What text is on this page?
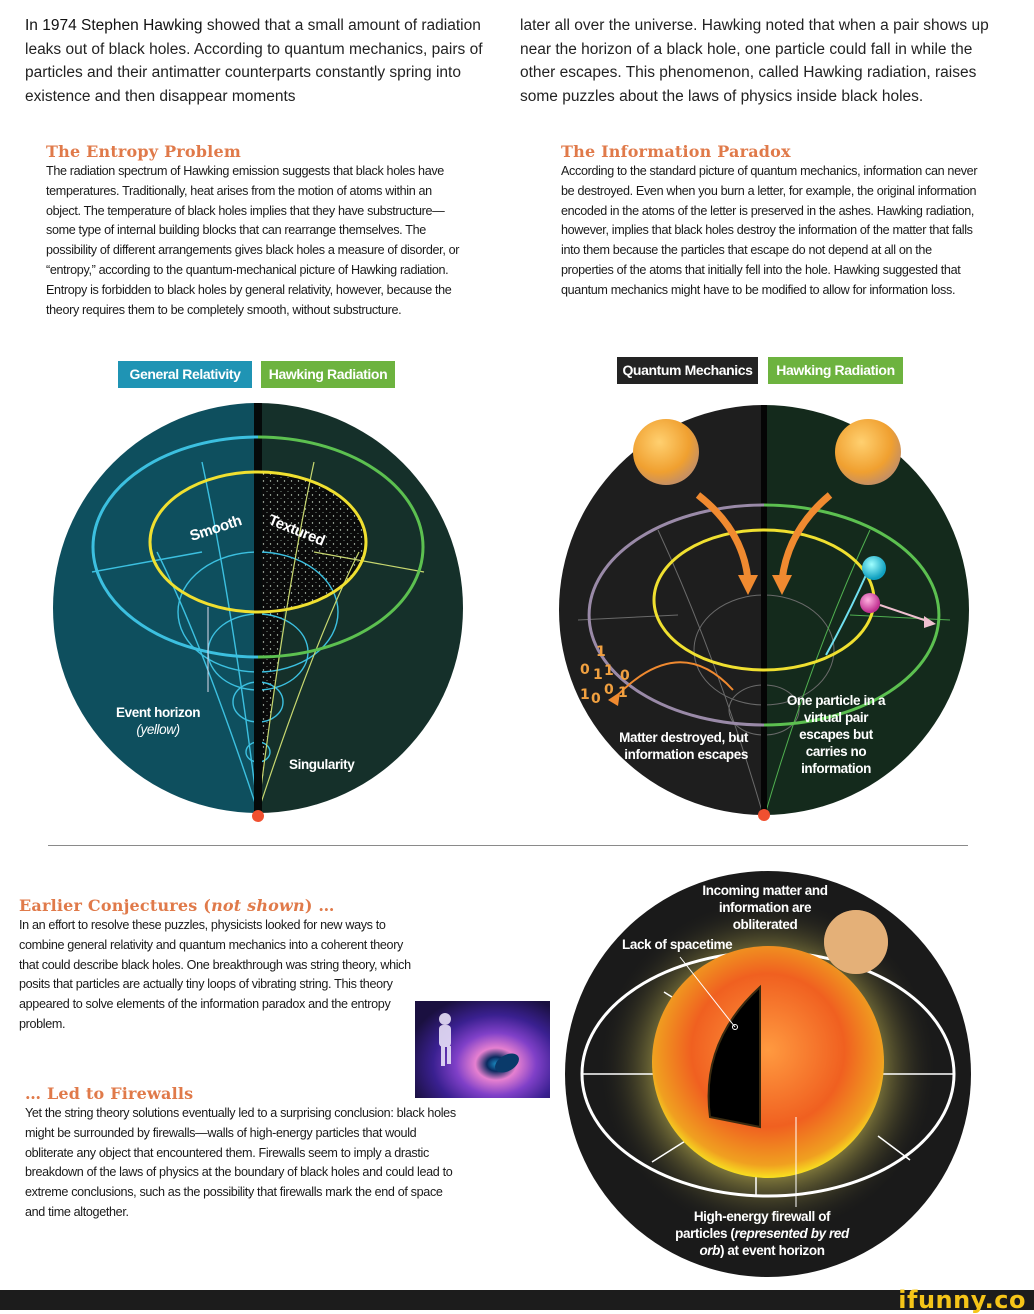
In 1974 Stephen Hawking showed that a small amount of radiation leaks out of black holes. According to quantum mechanics, pairs of particles and their antimatter counterparts constantly spring into existence and then disappear moments
later all over the universe. Hawking noted that when a pair shows up near the horizon of a black hole, one particle could fall in while the other escapes. This phenomenon, called Hawking radiation, raises some puzzles about the laws of physics inside black holes.
The Entropy Problem
The radiation spectrum of Hawking emission suggests that black holes have temperatures. Traditionally, heat arises from the motion of atoms within an object. The temperature of black holes implies that they have substructure—some type of internal building blocks that can rearrange themselves. The possibility of different arrangements gives black holes a measure of disorder, or “entropy,” according to the quantum-mechanical picture of Hawking radiation. Entropy is forbidden to black holes by general relativity, however, because the theory requires them to be completely smooth, without substructure.
The Information Paradox
According to the standard picture of quantum mechanics, information can never be destroyed. Even when you burn a letter, for example, the original information encoded in the atoms of the letter is preserved in the ashes. Hawking radiation, however, implies that black holes destroy the information of the matter that falls into them because the particles that escape do not depend at all on the properties of the atoms that initially fell into the hole. Hawking suggested that quantum mechanics might have to be modified to allow for information loss.
General Relativity	Hawking Radiation
Smooth Textured
Event horizon
(yellow)
Singularity
Quantum Mechanics	Hawking Radiation
1
0 1 1 0
1 0
0 1
Matter destroyed, but information escapes
One particle in a virtual pair escapes but carries no information
Earlier Conjectures (not shown) …
In an effort to resolve these puzzles, physicists looked for new ways to combine general relativity and quantum mechanics into a coherent theory that could describe black holes. One breakthrough was string theory, which posits that particles are actually tiny loops of vibrating string. This theory appeared to solve elements of the information paradox and the entropy problem.
… Led to Firewalls
Yet the string theory solutions eventually led to a surprising conclusion: black holes might be surrounded by firewalls—walls of high-energy particles that would obliterate any object that encountered them. Firewalls seem to imply a drastic breakdown of the laws of physics at the boundary of black holes and could lead to extreme conclusions, such as the possibility that firewalls mark the end of space and time altogether.
Incoming matter and information are obliterated
Lack of spacetime
High-energy firewall of particles (represented by red orb) at event horizon
ifunny.co
